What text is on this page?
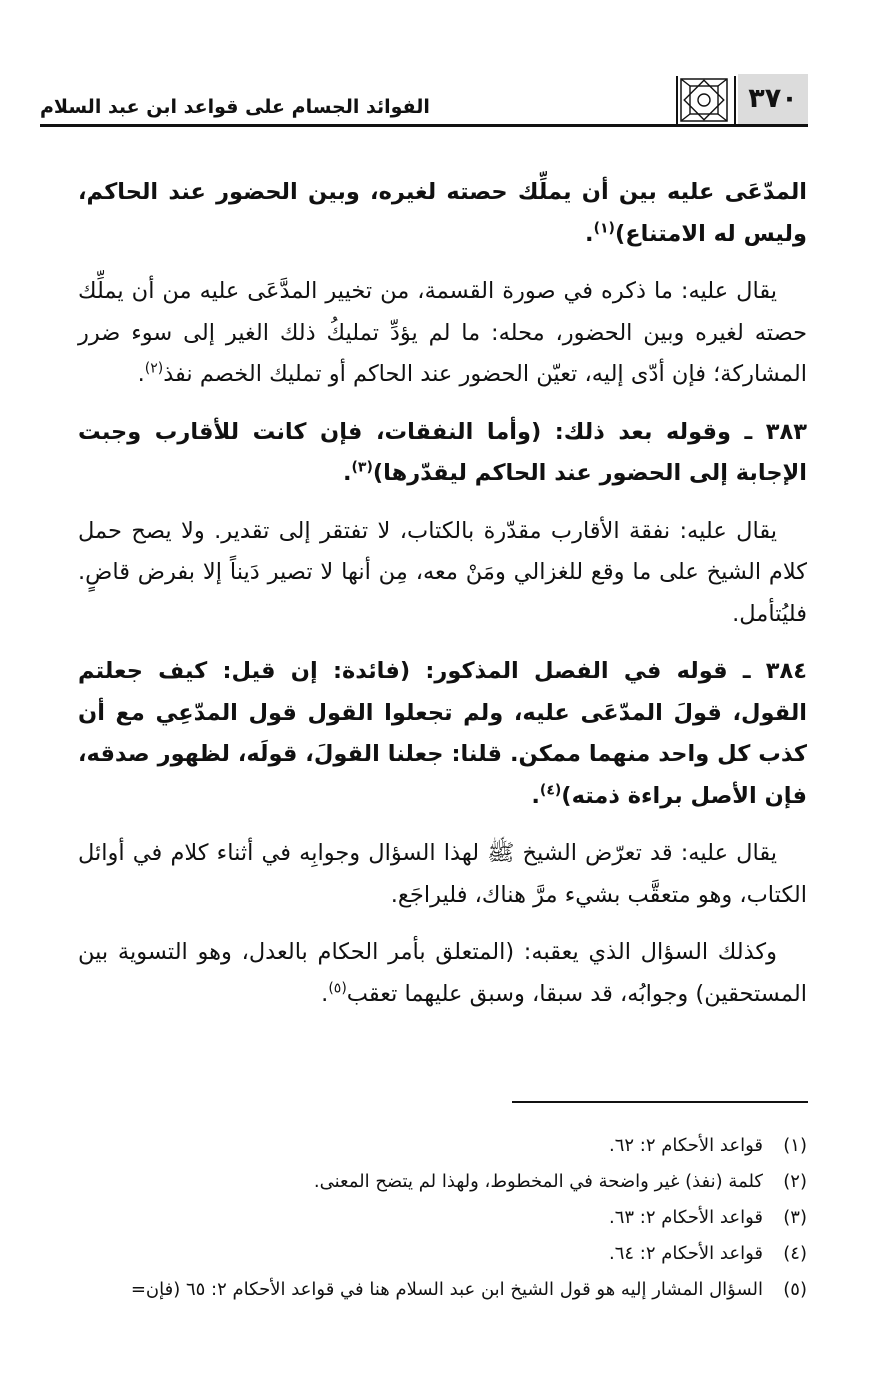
الفوائد الجسام على قواعد ابن عبد السلام	٣٧٠

المدّعَى عليه بين أن يملِّك حصته لغيره، وبين الحضور عند الحاكم، وليس له الامتناع)$^{(١)}$.

يقال عليه: ما ذكره في صورة القسمة، من تخيير المدَّعَى عليه من أن يملِّك حصته لغيره وبين الحضور، محله: ما لم يؤدِّ تمليكُ ذلك الغير إلى سوء ضرر المشاركة؛ فإن أدّى إليه، تعيّن الحضور عند الحاكم أو تمليك الخصم نفذ$^{(٢)}$.

٣٨٣ ـ وقوله بعد ذلك: (وأما النفقات، فإن كانت للأقارب وجبت الإجابة إلى الحضور عند الحاكم ليقدّرها)$^{(٣)}$.

يقال عليه: نفقة الأقارب مقدّرة بالكتاب، لا تفتقر إلى تقدير. ولا يصح حمل كلام الشيخ على ما وقع للغزالي ومَنْ معه، مِن أنها لا تصير دَيناً إلا بفرض قاضٍ. فليُتأمل.

٣٨٤ ـ قوله في الفصل المذكور: (فائدة: إن قيل: كيف جعلتم القول، قولَ المدّعَى عليه، ولم تجعلوا القول قول المدّعِي مع أن كذب كل واحد منهما ممكن. قلنا: جعلنا القولَ، قولَه، لظهور صدقه، فإن الأصل براءة ذمته)$^{(٤)}$.

يقال عليه: قد تعرّض الشيخ ﷺ لهذا السؤال وجوابِه في أثناء كلام في أوائل الكتاب، وهو متعقَّب بشيء مرَّ هناك، فليراجَع.

وكذلك السؤال الذي يعقبه: (المتعلق بأمر الحكام بالعدل، وهو التسوية بين المستحقين) وجوابُه، قد سبقا، وسبق عليهما تعقب$^{(٥)}$.

(١)
قواعد الأحكام ٢: ٦٢.
(٢)
كلمة (نفذ) غير واضحة في المخطوط، ولهذا لم يتضح المعنى.
(٣)
قواعد الأحكام ٢: ٦٣.
(٤)
قواعد الأحكام ٢: ٦٤.
(٥)
السؤال المشار إليه هو قول الشيخ ابن عبد السلام هنا في قواعد الأحكام ٢: ٦٥ (فإن=
